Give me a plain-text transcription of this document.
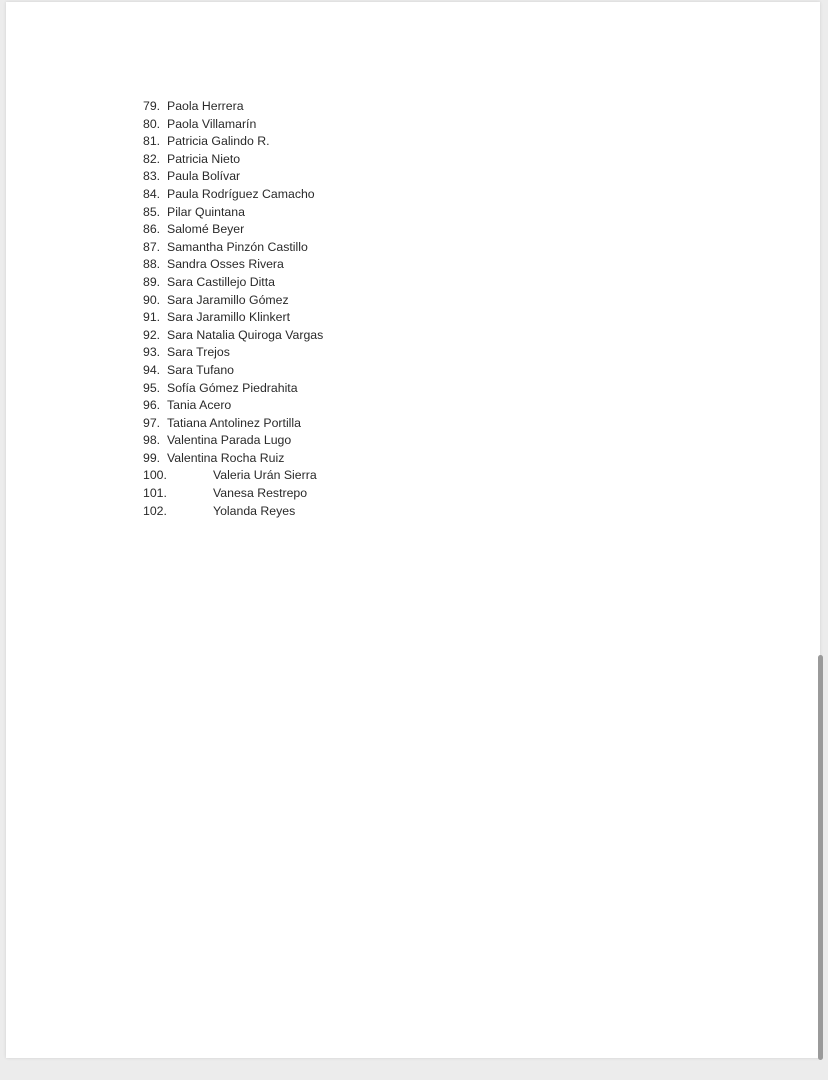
79. Paola Herrera
80. Paola Villamarín
81. Patricia Galindo R.
82. Patricia Nieto
83. Paula Bolívar
84. Paula Rodríguez Camacho
85. Pilar Quintana
86. Salomé Beyer
87. Samantha Pinzón Castillo
88. Sandra Osses Rivera
89. Sara Castillejo Ditta
90. Sara Jaramillo Gómez
91. Sara Jaramillo Klinkert
92. Sara Natalia Quiroga Vargas
93. Sara Trejos
94. Sara Tufano
95. Sofía Gómez Piedrahita
96. Tania Acero
97. Tatiana Antolinez Portilla
98. Valentina Parada Lugo
99. Valentina Rocha Ruiz
100.	Valeria Urán Sierra
101.	Vanesa Restrepo
102.	Yolanda Reyes
